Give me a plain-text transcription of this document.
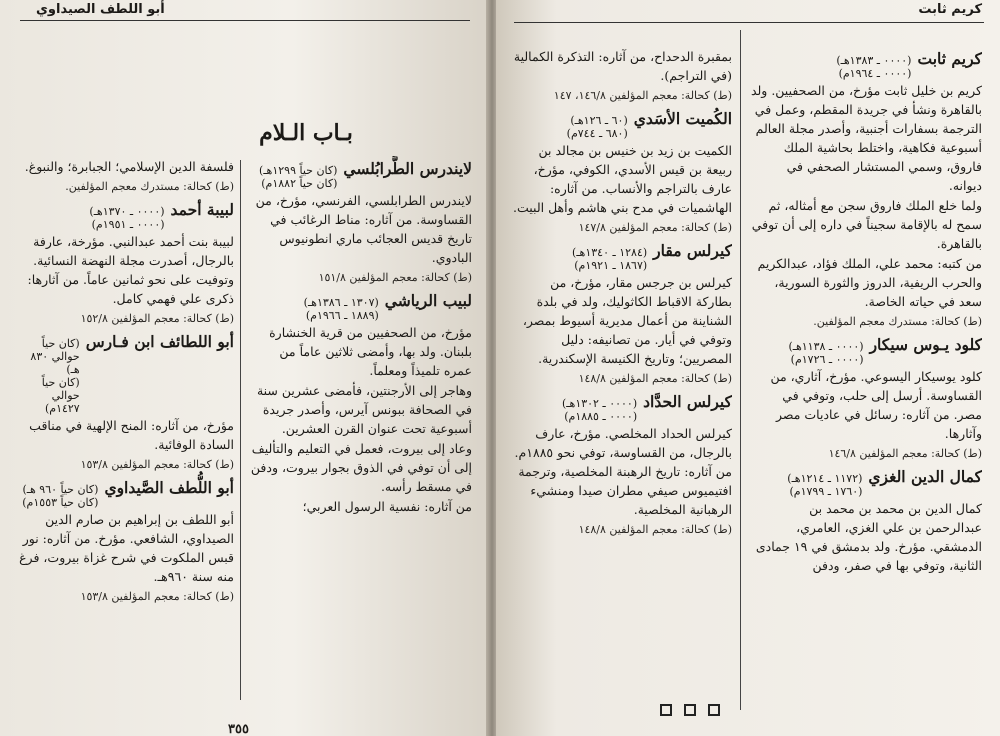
أبو اللطف الصيداوي
بـاب الـلام
لايندرس الطَّرابُلسي
(كان حياً ١٢٩٩هـ)
(كان حياً ١٨٨٢م)
لايندرس الطرابلسي، الفرنسي، مؤرخ، من القساوسة. من آثاره: مناط الرغائب في تاريخ قديس العجائب ماري انطونيوس البادوي.
(ط) كحالة: معجم المؤلفين ١٥١/٨
لبيب الرياشي
(١٣٠٧ ـ ١٣٨٦هـ)
(١٨٨٩ ـ ١٩٦٦م)
مؤرخ، من الصحفيين من قرية الخنشارة بلبنان. ولد بها، وأمضى ثلاثين عاماً من عمره تلميذاً ومعلماً.
وهاجر إلى الأرجنتين، فأمضى عشرين سنة في الصحافة ببونس آيرس، وأصدر جريدة أسبوعية تحت عنوان القرن العشرين.
وعاد إلى بيروت، فعمل في التعليم والتأليف إلى أن توفي في الذوق بجوار بيروت، ودفن في مسقط رأسه.
من آثاره: نفسية الرسول العربي؛
فلسفة الدين الإسلامي؛ الجبابرة؛ والنبوغ.
(ط) كحالة: مستدرك معجم المؤلفين.
لبيبة أحمد
(٠٠٠٠ ـ ١٣٧٠هـ)
(٠٠٠٠ ـ ١٩٥١م)
لبيبة بنت أحمد عبدالنبي. مؤرخة، عارفة بالرجال، أصدرت مجلة النهضة النسائية. وتوفيت على نحو ثمانين عاماً. من آثارها: ذكرى علي فهمي كامل.
(ط) كحالة: معجم المؤلفين ١٥٢/٨
أبو اللطائف ابن فـارس
(كان حياً حوالي ٨٣٠ هـ)
(كان حياً حوالي ١٤٢٧م)
مؤرخ، من آثاره: المنح الإلهية في مناقب السادة الوفائية.
(ط) كحالة: معجم المؤلفين ١٥٣/٨
أبو اللُّطف الصَّيداوي
(كان حياً ٩٦٠ هـ)
(كان حياً ١٥٥٣م)
أبو اللطف بن إبراهيم بن صارم الدين الصيداوي، الشافعي. مؤرخ. من آثاره: نور قبس الملكوت في شرح غزاة بيروت، فرغ منه سنة ٩٦٠هـ.
(ط) كحالة: معجم المؤلفين ١٥٣/٨
٣٥٥
كريم ثابت
كريم ثابت
(٠٠٠٠ ـ ١٣٨٣هـ)
(٠٠٠٠ ـ ١٩٦٤م)
كريم بن خليل ثابت مؤرخ، من الصحفيين. ولد بالقاهرة ونشأ في جريدة المقطم، وعمل في الترجمة بسفارات أجنبية، وأصدر مجلة العالم أسبوعية فكاهية، واختلط بحاشية الملك فاروق، وسمي المستشار الصحفي في ديوانه.
ولما خلع الملك فاروق سجن مع أمثاله، ثم سمح له بالإقامة سجيناً في داره إلى أن توفي بالقاهرة.
من كتبه: محمد علي، الملك فؤاد، عبدالكريم والحرب الريفية، الدروز والثورة السورية، سعد في حياته الخاصة.
(ط) كحالة: مستدرك معجم المؤلفين.
كلود يـوس سيكار
(٠٠٠٠ ـ ١١٣٨هـ)
(٠٠٠٠ ـ ١٧٢٦م)
كلود يوسيكار اليسوعي. مؤرخ، آثاري، من القساوسة. أرسل إلى حلب، وتوفي في مصر. من آثاره: رسائل في عاديات مصر وآثارها.
(ط) كحالة: معجم المؤلفين ١٤٦/٨
كمال الدين الغزي
(١١٧٢ ـ ١٢١٤هـ)
(١٧٦٠ ـ ١٧٩٩م)
كمال الدين بن محمد بن محمد بن عبدالرحمن بن علي الغزي، العامري، الدمشقي. مؤرخ. ولد بدمشق في ١٩ جمادى الثانية، وتوفي بها في صفر، ودفن
بمقبرة الدحداح، من آثاره: التذكرة الكمالية (في التراجم).
(ط) كحالة: معجم المؤلفين ١٤٦/٨، ١٤٧
الكُميت الأسَدي
(٦٠ ـ ١٢٦هـ)
(٦٨٠ ـ ٧٤٤م)
الكميت بن زيد بن خنيس بن مجالد بن ربيعة بن قيس الأسدي، الكوفي، مؤرخ، عارف بالتراجم والأنساب. من آثاره: الهاشميات في مدح بني هاشم وأهل البيت.
(ط) كحالة: معجم المؤلفين ١٤٧/٨
كيرلس مقار
(١٢٨٤ ـ ١٣٤٠هـ)
(١٨٦٧ ـ ١٩٢١م)
كيرلس بن جرجس مقار، مؤرخ، من بطاركة الاقباط الكاثوليك، ولد في بلدة الشناينة من أعمال مديرية أسيوط بمصر، وتوفي في أيار. من تصانيفه: دليل المصريين؛ وتاريخ الكنيسة الإسكندرية.
(ط) كحالة: معجم المؤلفين ١٤٨/٨
كيرلس الحدَّاد
(٠٠٠٠ ـ ١٣٠٢هـ)
(٠٠٠٠ ـ ١٨٨٥م)
كيرلس الحداد المخلصي. مؤرخ، عارف بالرجال، من القساوسة، توفي نحو ١٨٨٥م. من آثاره: تاريخ الرهبنة المخلصية، وترجمة افتيميوس صيفي مطران صيدا ومنشيء الرهبانية المخلصية.
(ط) كحالة: معجم المؤلفين ١٤٨/٨
